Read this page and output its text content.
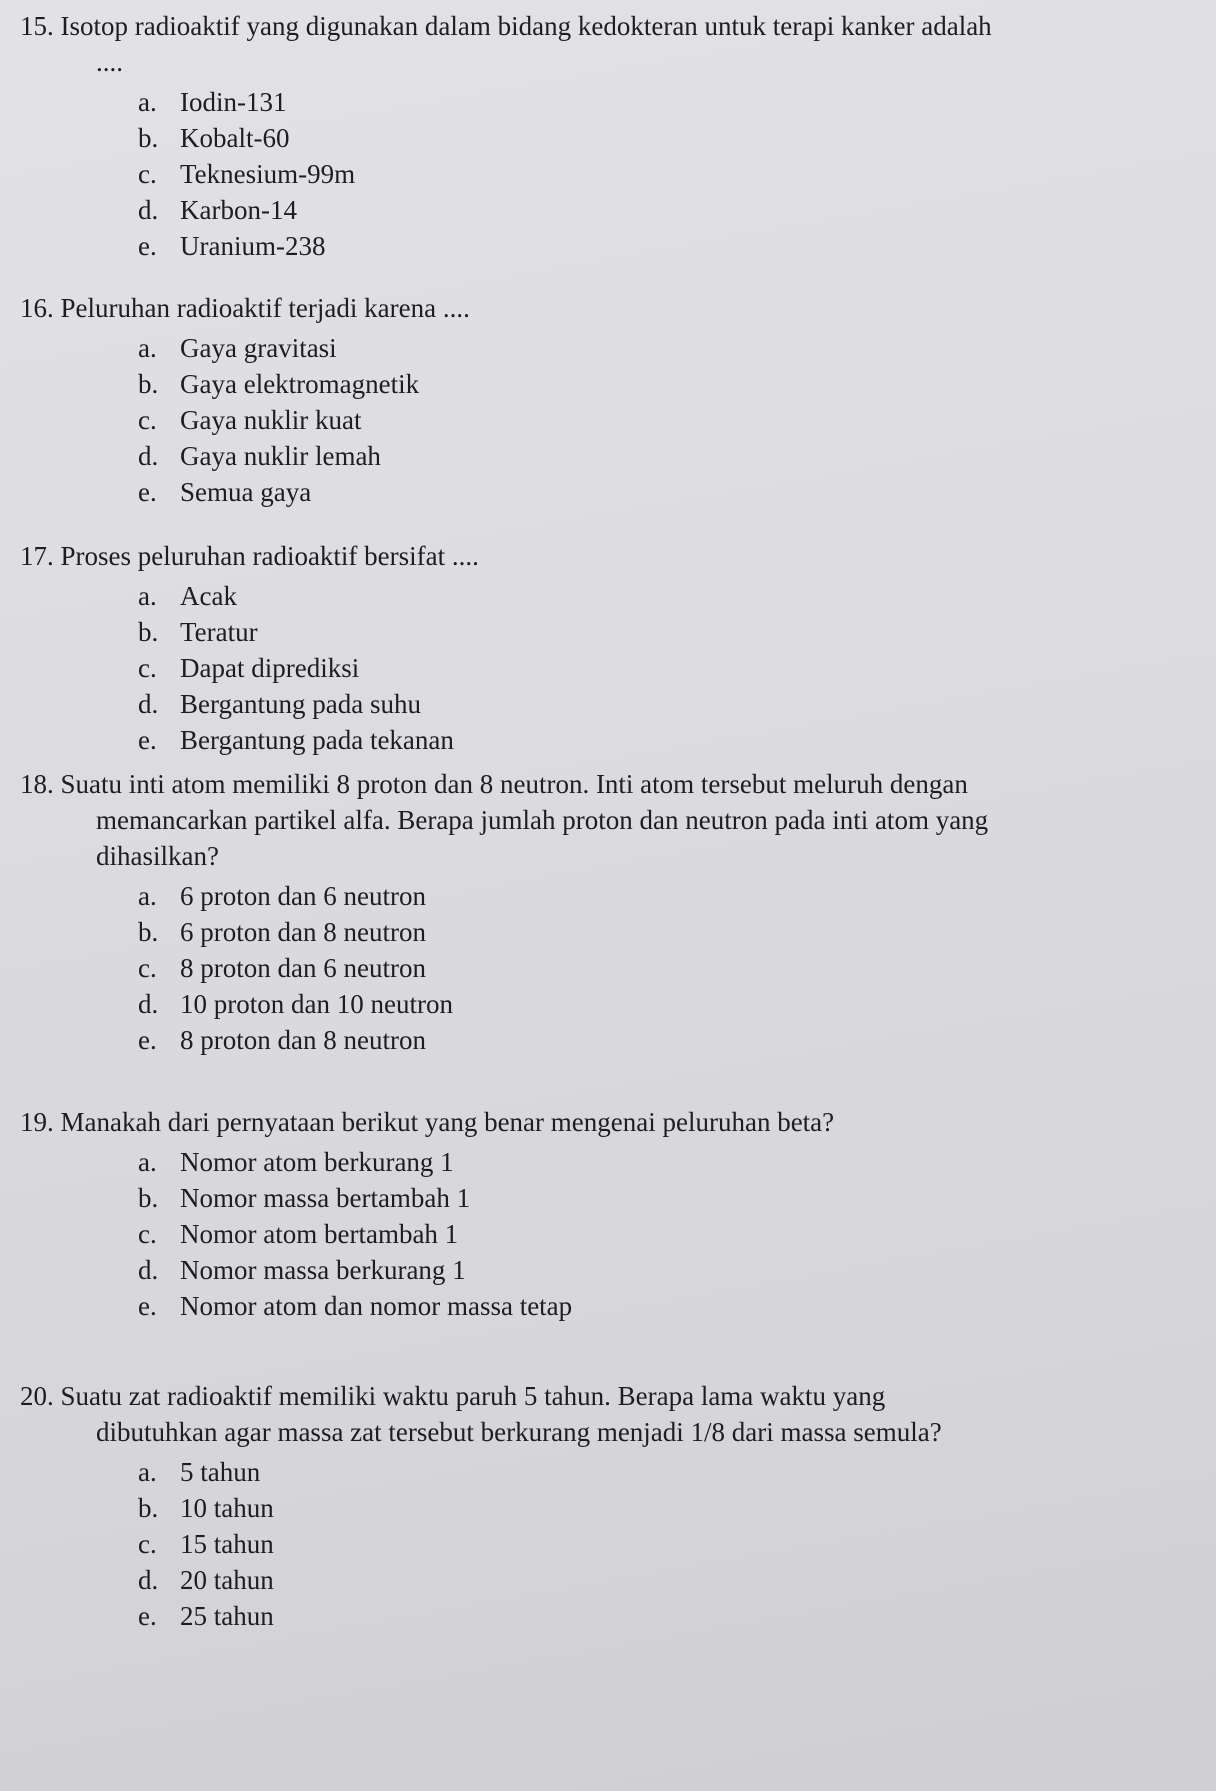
15. Isotop radioaktif yang digunakan dalam bidang kedokteran untuk terapi kanker adalah
....
a. Iodin-131
b. Kobalt-60
c. Teknesium-99m
d. Karbon-14
e. Uranium-238
16. Peluruhan radioaktif terjadi karena ....
a. Gaya gravitasi
b. Gaya elektromagnetik
c. Gaya nuklir kuat
d. Gaya nuklir lemah
e. Semua gaya
17. Proses peluruhan radioaktif bersifat ....
a. Acak
b. Teratur
c. Dapat diprediksi
d. Bergantung pada suhu
e. Bergantung pada tekanan
18. Suatu inti atom memiliki 8 proton dan 8 neutron. Inti atom tersebut meluruh dengan
memancarkan partikel alfa. Berapa jumlah proton dan neutron pada inti atom yang
dihasilkan?
a. 6 proton dan 6 neutron
b. 6 proton dan 8 neutron
c. 8 proton dan 6 neutron
d. 10 proton dan 10 neutron
e. 8 proton dan 8 neutron
19. Manakah dari pernyataan berikut yang benar mengenai peluruhan beta?
a. Nomor atom berkurang 1
b. Nomor massa bertambah 1
c. Nomor atom bertambah 1
d. Nomor massa berkurang 1
e. Nomor atom dan nomor massa tetap
20. Suatu zat radioaktif memiliki waktu paruh 5 tahun. Berapa lama waktu yang
dibutuhkan agar massa zat tersebut berkurang menjadi 1/8 dari massa semula?
a. 5 tahun
b. 10 tahun
c. 15 tahun
d. 20 tahun
e. 25 tahun
